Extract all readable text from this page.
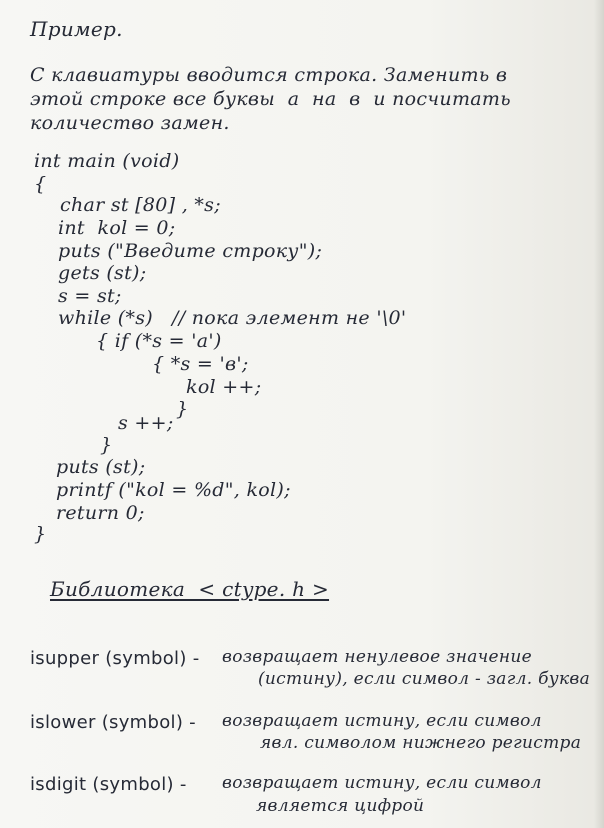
Пример.
С клавиатуры вводится строка. Заменить в
этой строке все буквы  а  на  в  и посчитать
количество замен.
int main (void)
{
char st [80] , *s;
int  kol = 0;
puts ("Введите строку");
gets (st);
s = st;
while (*s)   // пока элемент не '\0'
{ if (*s = 'a')
{ *s = 'в';
kol ++;
}
s ++;
}
puts (st);
printf ("kol = %d", kol);
return 0;
}
Библиотека  < ctype. h >
isupper (symbol) - возвращает ненулевое значение
(истину), если символ - загл. буква
islower (symbol) - возвращает истину, если символ
явл. символом нижнего регистра
isdigit (symbol) - возвращает истину, если символ
является цифрой
